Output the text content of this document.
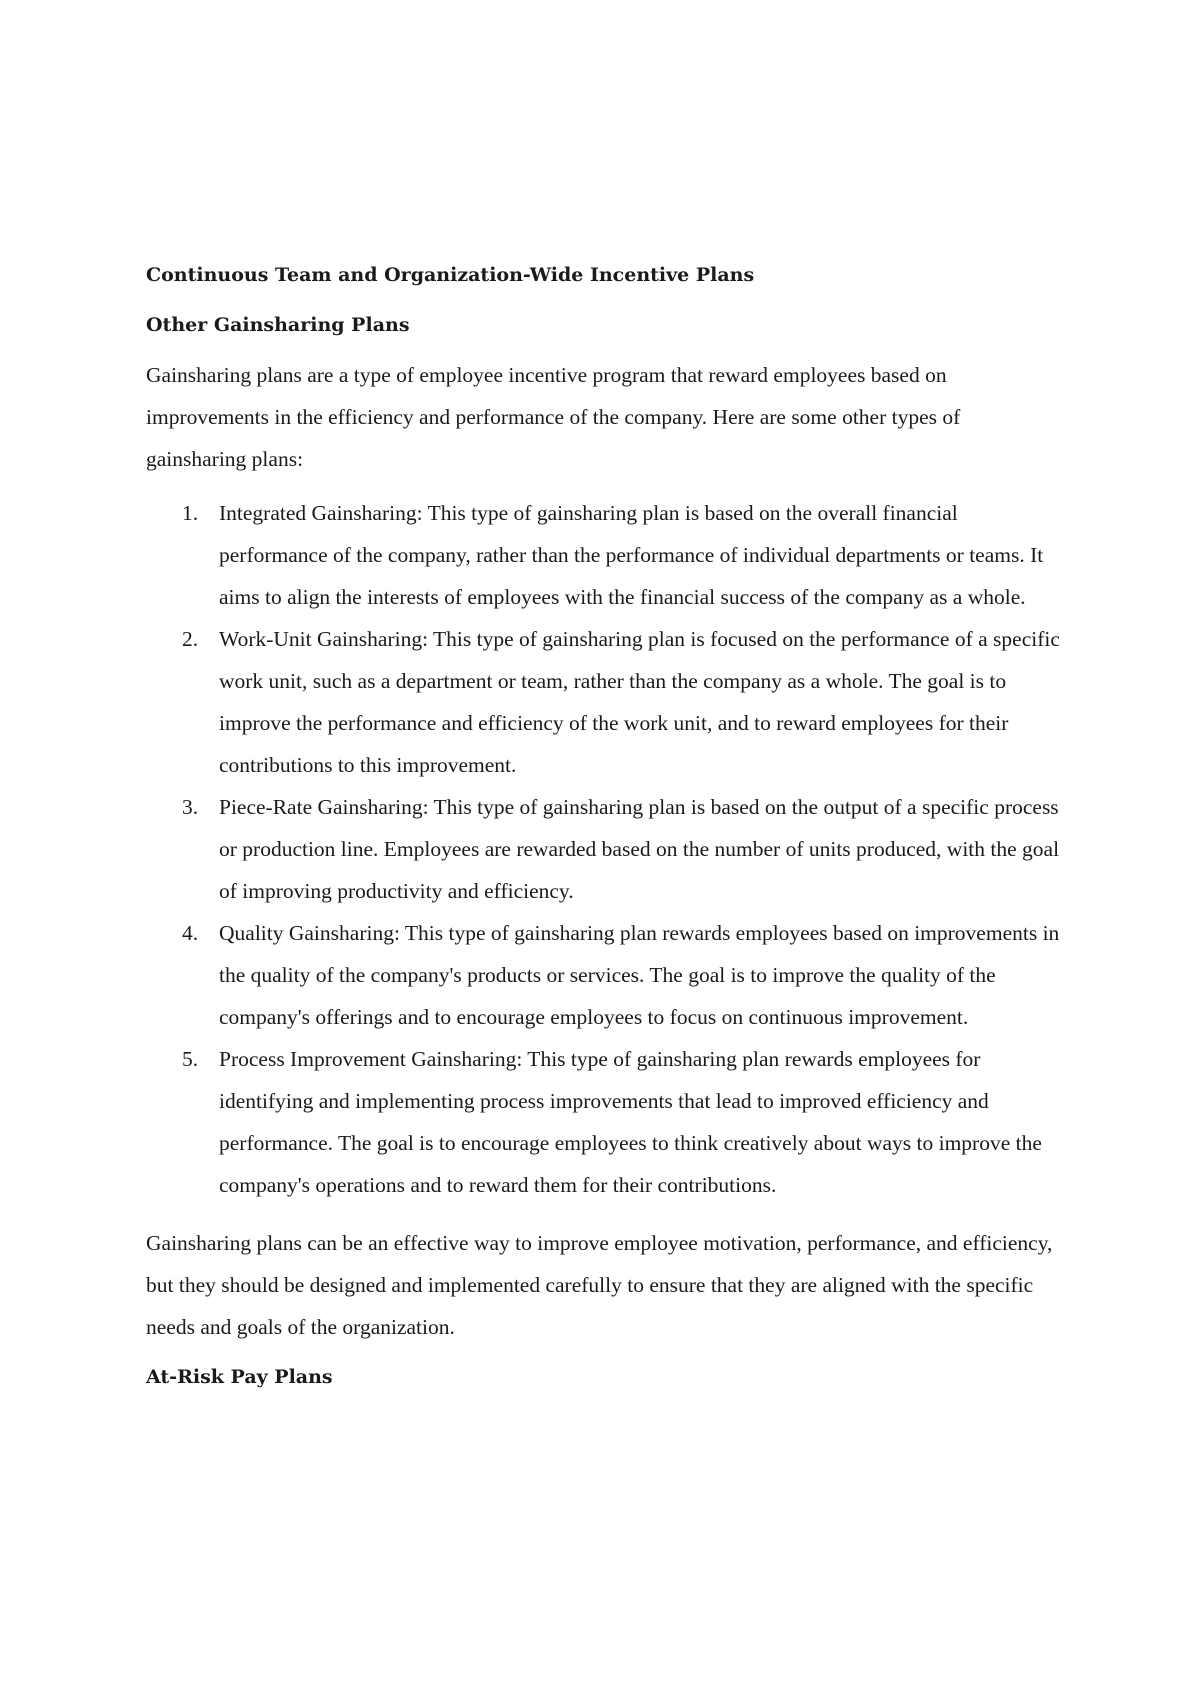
Continuous Team and Organization-Wide Incentive Plans
Other Gainsharing Plans

Gainsharing plans are a type of employee incentive program that reward employees based on improvements in the efficiency and performance of the company. Here are some other types of gainsharing plans:

1. Integrated Gainsharing: This type of gainsharing plan is based on the overall financial performance of the company, rather than the performance of individual departments or teams. It aims to align the interests of employees with the financial success of the company as a whole.
2. Work-Unit Gainsharing: This type of gainsharing plan is focused on the performance of a specific work unit, such as a department or team, rather than the company as a whole. The goal is to improve the performance and efficiency of the work unit, and to reward employees for their contributions to this improvement.
3. Piece-Rate Gainsharing: This type of gainsharing plan is based on the output of a specific process or production line. Employees are rewarded based on the number of units produced, with the goal of improving productivity and efficiency.
4. Quality Gainsharing: This type of gainsharing plan rewards employees based on improvements in the quality of the company's products or services. The goal is to improve the quality of the company's offerings and to encourage employees to focus on continuous improvement.
5. Process Improvement Gainsharing: This type of gainsharing plan rewards employees for identifying and implementing process improvements that lead to improved efficiency and performance. The goal is to encourage employees to think creatively about ways to improve the company's operations and to reward them for their contributions.

Gainsharing plans can be an effective way to improve employee motivation, performance, and efficiency, but they should be designed and implemented carefully to ensure that they are aligned with the specific needs and goals of the organization.

At-Risk Pay Plans
